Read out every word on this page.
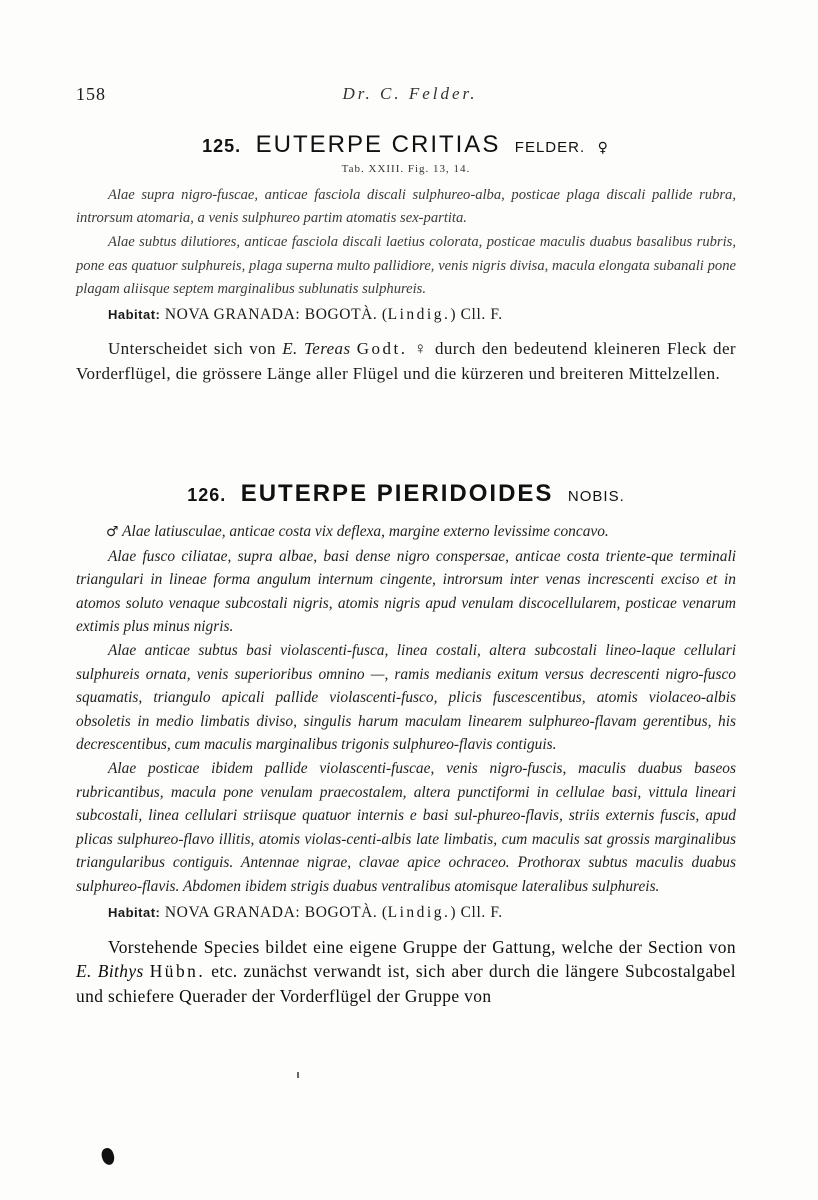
158	Dr. C. Felder.
125. EUTERPE CRITIAS FELDER. ♀
Tab. XXIII. Fig. 13, 14.

Alae supra nigro-fuscae, anticae fasciola discali sulphureo-alba, posticae plaga discali pallide rubra, introrsum atomaria, a venis sulphureo partim atomatis sex-partita.

Alae subtus dilutiores, anticae fasciola discali laetius colorata, posticae maculis duabus basalibus rubris, pone eas quatuor sulphureis, plaga superna multo pallidiore, venis nigris divisa, macula elongata subanali pone plagam aliisque septem marginalibus sublunatis sulphureis.

Habitat: NOVA GRANADA: BOGOTÀ. (Lindig.) Cll. F.

Unterscheidet sich von E. Tereas Godt. ♀ durch den bedeutend kleineren Fleck der Vorderflügel, die grössere Länge aller Flügel und die kürzeren und breiteren Mittelzellen.

126. EUTERPE PIERIDOIDES NOBIS.

♂ Alae latiusculae, anticae costa vix deflexa, margine externo levissime concavo.

Alae fusco ciliatae, supra albae, basi dense nigro conspersae, anticae costa triente-que terminali triangulari in lineae forma angulum internum cingente, introrsum inter venas increscenti exciso et in atomos soluto venaque subcostali nigris, atomis nigris apud venulam discocellularem, posticae venarum extimis plus minus nigris.

Alae anticae subtus basi violascenti-fusca, linea costali, altera subcostali lineo-laque cellulari sulphureis ornata, venis superioribus omnino —, ramis medianis exitum versus decrescenti nigro-fusco squamatis, triangulo apicali pallide violascenti-fusco, plicis fuscescentibus, atomis violaceo-albis obsoletis in medio limbatis diviso, singulis harum maculam linearem sulphureo-flavam gerentibus, his decrescentibus, cum maculis marginalibus trigonis sulphureo-flavis contiguis.

Alae posticae ibidem pallide violascenti-fuscae, venis nigro-fuscis, maculis duabus baseos rubricantibus, macula pone venulam praecostalem, altera punctiformi in cellulae basi, vittula lineari subcostali, linea cellulari striisque quatuor internis e basi sul-phureo-flavis, striis externis fuscis, apud plicas sulphureo-flavo illitis, atomis violas-centi-albis late limbatis, cum maculis sat grossis marginalibus triangularibus contiguis. Antennae nigrae, clavae apice ochraceo. Prothorax subtus maculis duabus sulphureo-flavis. Abdomen ibidem strigis duabus ventralibus atomisque lateralibus sulphureis.

Habitat: NOVA GRANADA: BOGOTÀ. (Lindig.) Cll. F.

Vorstehende Species bildet eine eigene Gruppe der Gattung, welche der Section von E. Bithys Hübn. etc. zunächst verwandt ist, sich aber durch die längere Subcostalgabel und schiefere Querader der Vorderflügel der Gruppe von
